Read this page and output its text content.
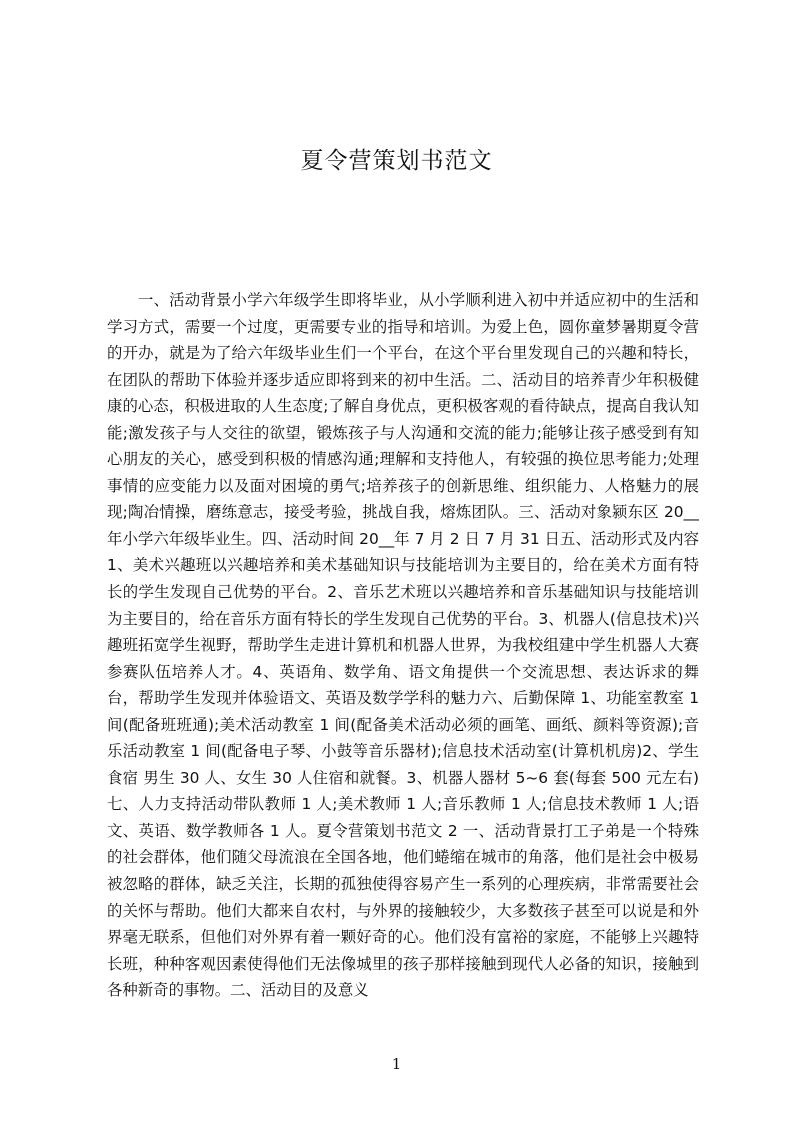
夏令营策划书范文

一、活动背景小学六年级学生即将毕业，从小学顺利进入初中并适应初中的生活和学习方式，需要一个过度，更需要专业的指导和培训。为爱上色，圆你童梦暑期夏令营的开办，就是为了给六年级毕业生们一个平台，在这个平台里发现自己的兴趣和特长，在团队的帮助下体验并逐步适应即将到来的初中生活。二、活动目的培养青少年积极健康的心态，积极进取的人生态度;了解自身优点，更积极客观的看待缺点，提高自我认知能;激发孩子与人交往的欲望，锻炼孩子与人沟通和交流的能力;能够让孩子感受到有知心朋友的关心，感受到积极的情感沟通;理解和支持他人，有较强的换位思考能力;处理事情的应变能力以及面对困境的勇气;培养孩子的创新思维、组织能力、人格魅力的展现;陶冶情操，磨练意志，接受考验，挑战自我，熔炼团队。三、活动对象颍东区 20__年小学六年级毕业生。四、活动时间 20__年 7 月 2 日 7 月 31 日五、活动形式及内容 1、美术兴趣班以兴趣培养和美术基础知识与技能培训为主要目的，给在美术方面有特长的学生发现自己优势的平台。2、音乐艺术班以兴趣培养和音乐基础知识与技能培训为主要目的，给在音乐方面有特长的学生发现自己优势的平台。3、机器人(信息技术)兴趣班拓宽学生视野，帮助学生走进计算机和机器人世界，为我校组建中学生机器人大赛参赛队伍培养人才。4、英语角、数学角、语文角提供一个交流思想、表达诉求的舞台，帮助学生发现并体验语文、英语及数学学科的魅力六、后勤保障 1、功能室教室 1 间(配备班班通);美术活动教室 1 间(配备美术活动必须的画笔、画纸、颜料等资源);音乐活动教室 1 间(配备电子琴、小鼓等音乐器材);信息技术活动室(计算机机房)2、学生食宿 男生 30 人、女生 30 人住宿和就餐。3、机器人器材 5~6 套(每套 500 元左右)七、人力支持活动带队教师 1 人;美术教师 1 人;音乐教师 1 人;信息技术教师 1 人;语文、英语、数学教师各 1 人。夏令营策划书范文 2 一、活动背景打工子弟是一个特殊的社会群体，他们随父母流浪在全国各地，他们蜷缩在城市的角落，他们是社会中极易被忽略的群体，缺乏关注，长期的孤独使得容易产生一系列的心理疾病，非常需要社会的关怀与帮助。他们大都来自农村，与外界的接触较少，大多数孩子甚至可以说是和外界毫无联系，但他们对外界有着一颗好奇的心。他们没有富裕的家庭，不能够上兴趣特长班，种种客观因素使得他们无法像城里的孩子那样接触到现代人必备的知识，接触到各种新奇的事物。二、活动目的及意义

1
